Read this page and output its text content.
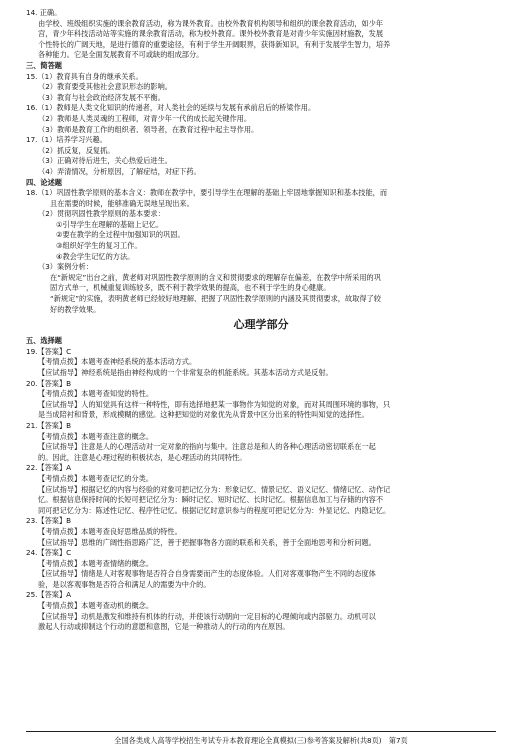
14. 正确。
由学校、班级组织实施的课余教育活动，称为课外教育。由校外教育机构领导和组织的课余教育活动，如少年
宫，青少年科技活动站等实施的课余教育活动，称为校外教育。课外校外教育是对青少年实施因材施教，发展
个性特长的广阔天地，是进行德育的重要途径，有利于学生开阔眼界，获得新知识，有利于发展学生智力，培养
各种能力。它是全面发展教育不可或缺的组成部分。
三、简答题
15.（1）教育具有自身的继承关系。
（2）教育要受其他社会意识形态的影响。
（3）教育与社会政治经济发展不平衡。
16.（1）教师是人类文化知识的传递者，对人类社会的延续与发展有承前启后的桥梁作用。
（2）教师是人类灵魂的工程师，对青少年一代的成长起关键作用。
（3）教师是教育工作的组织者、领导者，在教育过程中起主导作用。
17.（1）培养学习兴趣。
（2）抓反复，反复抓。
（3）正确对待后进生，关心热爱后进生。
（4）弄清情况，分析原因，了解症结，对症下药。
四、论述题
18.（1）巩固性教学原则的基本含义：教师在教学中，要引导学生在理解的基础上牢固地掌握知识和基本技能，而
且在需要的时候，能够准确无误地呈现出来。
（2）贯彻巩固性教学原则的基本要求：
①引导学生在理解的基础上记忆。
②要在教学的全过程中加强知识的巩固。
③组织好学生的复习工作。
④教会学生记忆的方法。
（3）案例分析：
在“新规定”出台之前，黄老师对巩固性教学原则的含义和贯彻要求的理解存在偏差，在教学中所采用的巩
固方式单一，机械重复训练较多，既不利于教学效果的提高，也不利于学生的身心健康。
“新规定”的实施，表明黄老师已经较好地理解、把握了巩固性教学原则的内涵及其贯彻要求，故取得了较
好的教学效果。
心理学部分
五、选择题
19.【答案】C
【考情点拨】本题考查神经系统的基本活动方式。
【应试指导】神经系统是指由神经构成的一个非常复杂的机能系统。其基本活动方式是反射。
20.【答案】B
【考情点拨】本题考查知觉的特性。
【应试指导】人的知觉具有这样一种特性，即有选择地把某一事物作为知觉的对象，而对其周围环境的事物，只
是当成陪衬和背景，形成模糊的感觉。这种把知觉的对象优先从背景中区分出来的特性叫知觉的选择性。
21.【答案】B
【考情点拨】本题考查注意的概念。
【应试指导】注意是人的心理活动对一定对象的指向与集中。注意总是和人的各种心理活动密切联系在一起
的。因此，注意是心理过程的积极状态，是心理活动的共同特性。
22.【答案】A
【考情点拨】本题考查记忆的分类。
【应试指导】根据记忆的内容与经验的对象可把记忆分为：形象记忆、情景记忆、语义记忆、情绪记忆、动作记
忆。根据信息保持时间的长短可把记忆分为：瞬时记忆、短时记忆、长时记忆。根据信息加工与存储的内容不
同可把记忆分为：陈述性记忆、程序性记忆。根据记忆时意识参与的程度可把记忆分为：外显记忆、内隐记忆。
23.【答案】B
【考情点拨】本题考查良好思维品质的特性。
【应试指导】思维的广阔性指思路广泛，善于把握事物各方面的联系和关系，善于全面地思考和分析问题。
24.【答案】C
【考情点拨】本题考查情绪的概念。
【应试指导】情绪是人对客观事物是否符合自身需要而产生的态度体验。人们对客观事物产生不同的态度体
验，是以客观事物是否符合和满足人的需要为中介的。
25.【答案】A
【考情点拨】本题考查动机的概念。
【应试指导】动机是激发和维持有机体的行动，并使该行动朝向一定目标的心理倾向或内部驱力。动机可以
激起人行动或抑制这个行动的意愿和意图，它是一种推动人的行动的内在原因。
全国各类成人高等学校招生考试专升本教育理论全真模拟(三)参考答案及解析(共8页)　第7页
